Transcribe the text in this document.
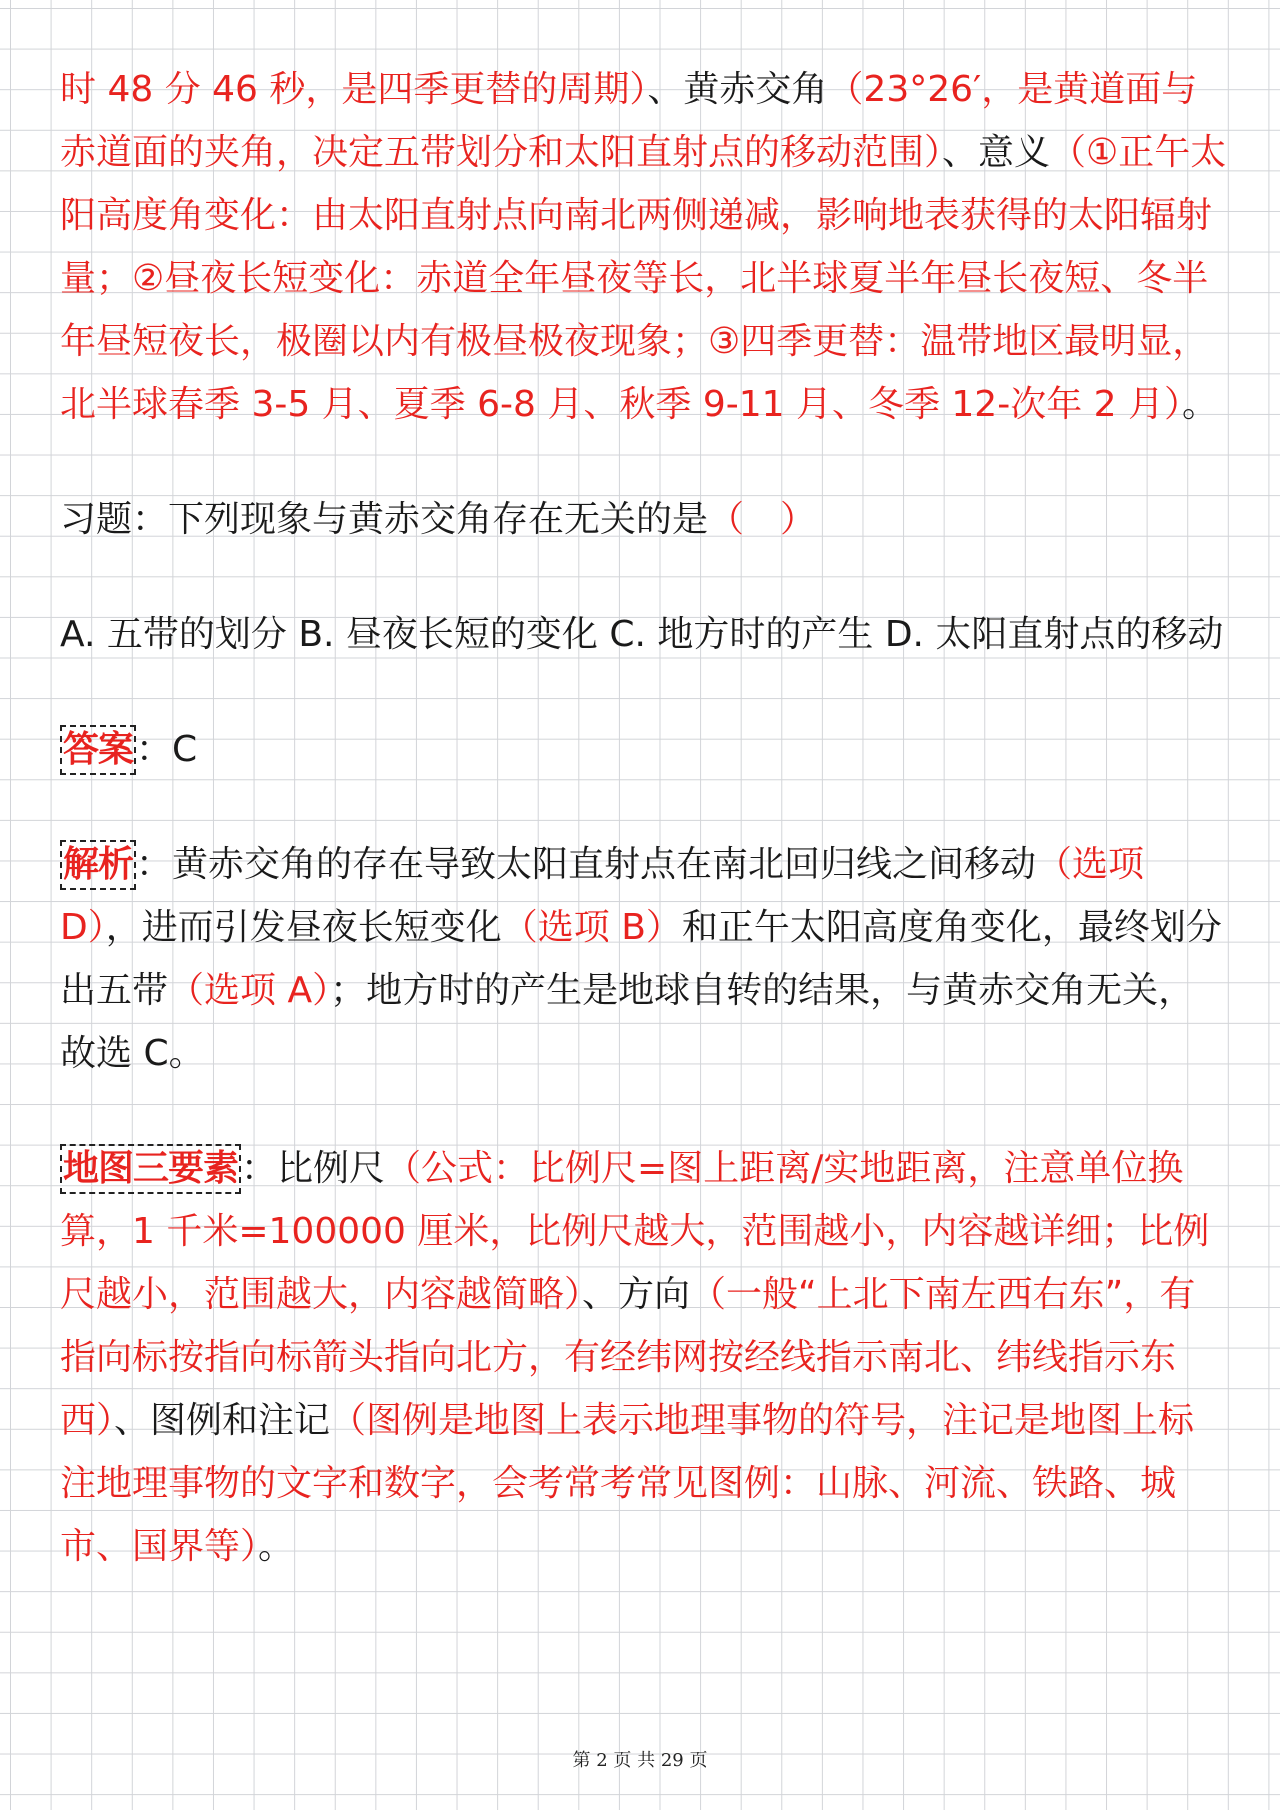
时 48 分 46 秒，是四季更替的周期）、黄赤交角（23°26′，是黄道面与赤道面的夹角，决定五带划分和太阳直射点的移动范围）、意义（①正午太阳高度角变化：由太阳直射点向南北两侧递减，影响地表获得的太阳辐射量；②昼夜长短变化：赤道全年昼夜等长，北半球夏半年昼长夜短、冬半年昼短夜长，极圈以内有极昼极夜现象；③四季更替：温带地区最明显，北半球春季 3-5 月、夏季 6-8 月、秋季 9-11 月、冬季 12-次年 2 月）。

习题：下列现象与黄赤交角存在无关的是（　）

A. 五带的划分 B. 昼夜长短的变化 C. 地方时的产生 D. 太阳直射点的移动

答案：C

解析：黄赤交角的存在导致太阳直射点在南北回归线之间移动（选项 D），进而引发昼夜长短变化（选项 B）和正午太阳高度角变化，最终划分出五带（选项 A）；地方时的产生是地球自转的结果，与黄赤交角无关，故选 C。

地图三要素：比例尺（公式：比例尺=图上距离/实地距离，注意单位换算，1 千米=100000 厘米，比例尺越大，范围越小，内容越详细；比例尺越小，范围越大，内容越简略）、方向（一般“上北下南左西右东”，有指向标按指向标箭头指向北方，有经纬网按经线指示南北、纬线指示东西）、图例和注记（图例是地图上表示地理事物的符号，注记是地图上标注地理事物的文字和数字，会考常考常见图例：山脉、河流、铁路、城市、国界等）。

第 2 页 共 29 页
